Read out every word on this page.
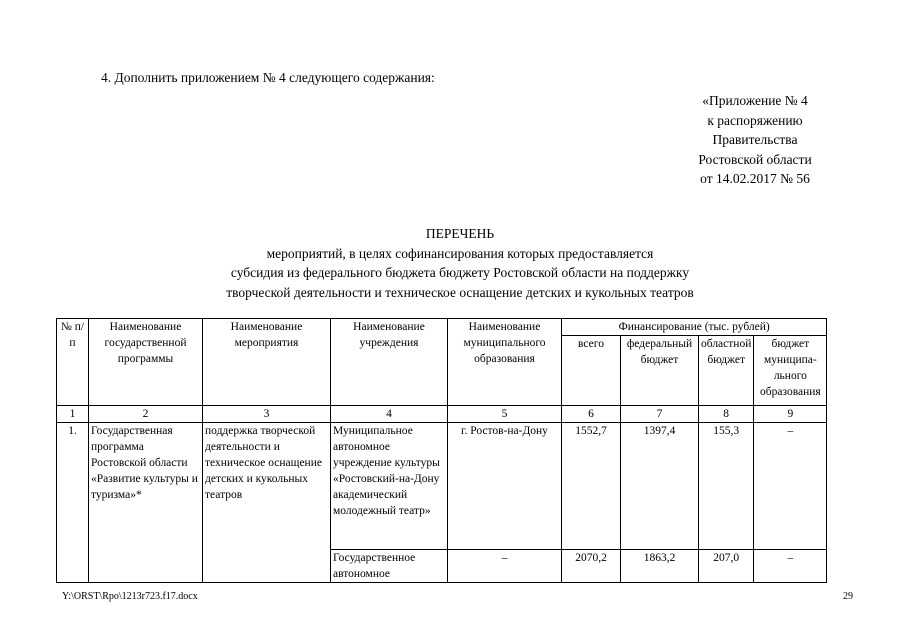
4. Дополнить приложением № 4 следующего содержания:
«Приложение № 4
к распоряжению
Правительства
Ростовской области
от 14.02.2017 № 56
ПЕРЕЧЕНЬ
мероприятий, в целях софинансирования которых предоставляется
субсидия из федерального бюджета бюджету Ростовской области на поддержку
творческой деятельности и техническое оснащение детских и кукольных театров
№ п/п	Наименование государственной программы	Наименование мероприятия	Наименование учреждения	Наименование муниципального образования	Финансирование (тыс. рублей)			
					всего	федеральный бюджет	областной бюджет	бюджет муниципа-льного образования
1	2	3	4	5	6	7	8	9
1.	Государственная программа Ростовской области «Развитие культуры и туризма»*	поддержка творческой деятельности и техническое оснащение детских и кукольных театров	Муниципальное автономное учреждение культуры «Ростовский-на-Дону академический молодежный театр»	г. Ростов-на-Дону	1552,7	1397,4	155,3	–
			Государственное автономное	–	2070,2	1863,2	207,0	–
Y:\ORST\Rpo\1213r723.f17.docx	29
